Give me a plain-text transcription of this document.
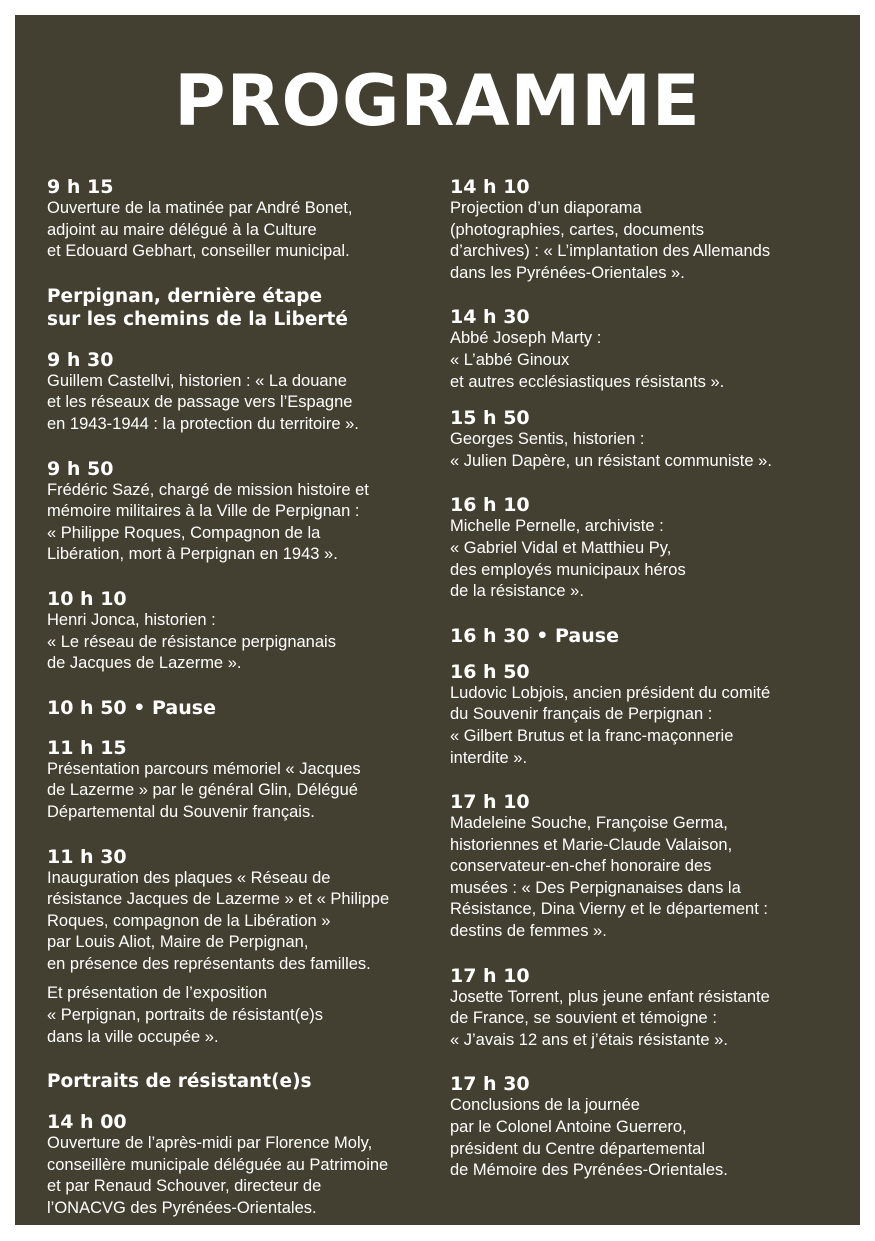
PROGRAMME
9 h 15
Ouverture de la matinée par André Bonet,
adjoint au maire délégué à la Culture
et Edouard Gebhart, conseiller municipal.
Perpignan, dernière étape
sur les chemins de la Liberté
9 h 30
Guillem Castellvi, historien : « La douane
et les réseaux de passage vers l’Espagne
en 1943-1944 : la protection du territoire ».
9 h 50
Frédéric Sazé, chargé de mission histoire et
mémoire militaires à la Ville de Perpignan :
« Philippe Roques, Compagnon de la
Libération, mort à Perpignan en 1943 ».
10 h 10
Henri Jonca, historien :
« Le réseau de résistance perpignanais
de Jacques de Lazerme ».
10 h 50 • Pause
11 h 15
Présentation parcours mémoriel « Jacques
de Lazerme » par le général Glin, Délégué
Départemental du Souvenir français.
11 h 30
Inauguration des plaques « Réseau de
résistance Jacques de Lazerme » et « Philippe
Roques, compagnon de la Libération »
par Louis Aliot, Maire de Perpignan,
en présence des représentants des familles.
Et présentation de l’exposition
« Perpignan, portraits de résistant(e)s
dans la ville occupée ».
Portraits de résistant(e)s
14 h 00
Ouverture de l’après-midi par Florence Moly,
conseillère municipale déléguée au Patrimoine
et par Renaud Schouver, directeur de
l’ONACVG des Pyrénées-Orientales.
14 h 10
Projection d’un diaporama
(photographies, cartes, documents
d’archives) : « L’implantation des Allemands
dans les Pyrénées-Orientales ».
14 h 30
Abbé Joseph Marty :
« L’abbé Ginoux
et autres ecclésiastiques résistants ».
15 h 50
Georges Sentis, historien :
« Julien Dapère, un résistant communiste ».
16 h 10
Michelle Pernelle, archiviste :
« Gabriel Vidal et Matthieu Py,
des employés municipaux héros
de la résistance ».
16 h 30 • Pause
16 h 50
Ludovic Lobjois, ancien président du comité
du Souvenir français de Perpignan :
« Gilbert Brutus et la franc-maçonnerie
interdite ».
17 h 10
Madeleine Souche, Françoise Germa,
historiennes et Marie-Claude Valaison,
conservateur-en-chef honoraire des
musées : « Des Perpignanaises dans la
Résistance, Dina Vierny et le département :
destins de femmes ».
17 h 10
Josette Torrent, plus jeune enfant résistante
de France, se souvient et témoigne :
« J’avais 12 ans et j’étais résistante ».
17 h 30
Conclusions de la journée
par le Colonel Antoine Guerrero,
président du Centre départemental
de Mémoire des Pyrénées-Orientales.
